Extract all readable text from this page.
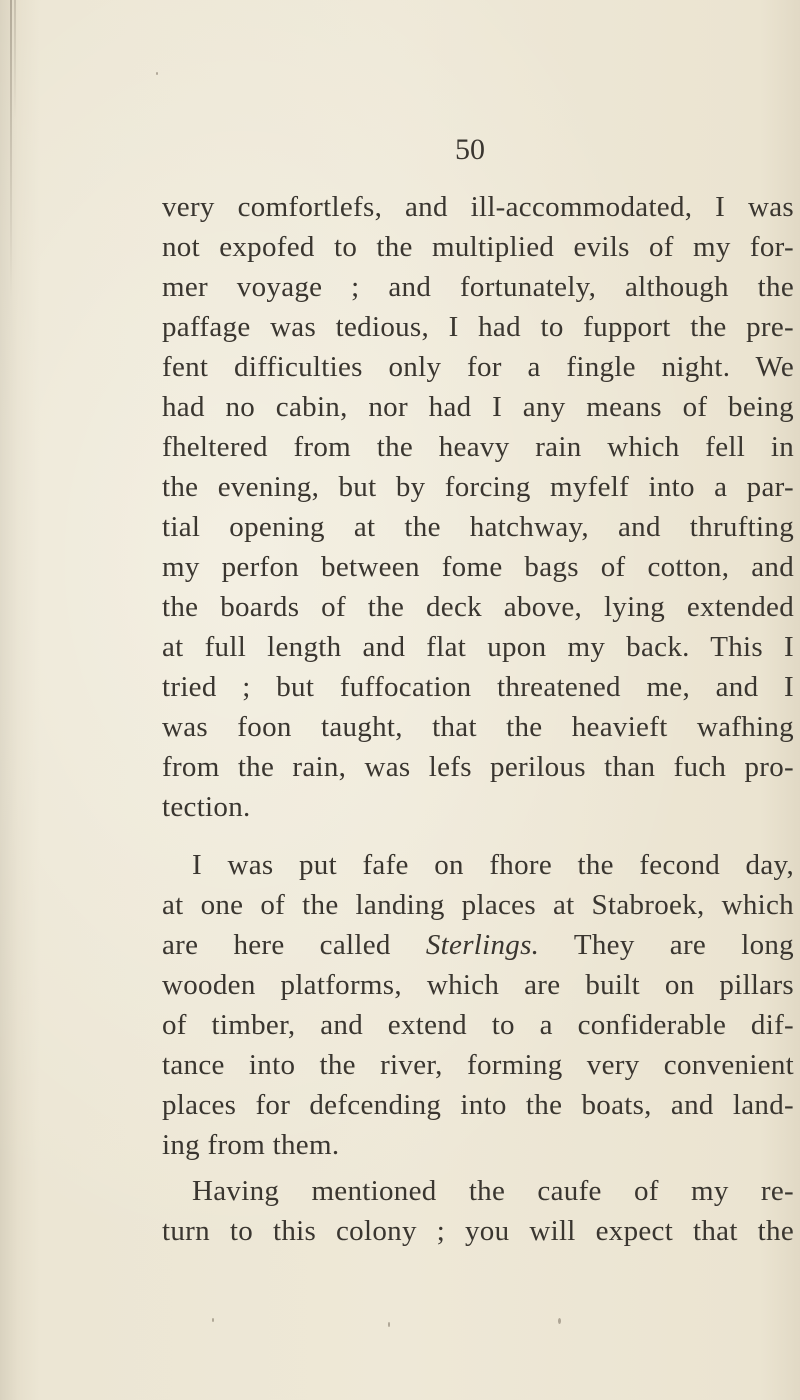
50
very comfortlefs, and ill-accommodated, I was
not expofed to the multiplied evils of my for-
mer voyage ; and fortunately, although the
paffage was tedious, I had to fupport the pre-
fent difficulties only for a fingle night. We
had no cabin, nor had I any means of being
fheltered from the heavy rain which fell in
the evening, but by forcing myfelf into a par-
tial opening at the hatchway, and thrufting
my perfon between fome bags of cotton, and
the boards of the deck above, lying extended
at full length and flat upon my back. This I
tried ; but fuffocation threatened me, and I
was foon taught, that the heavieft wafhing
from the rain, was lefs perilous than fuch pro-
tection.
I was put fafe on fhore the fecond day,
at one of the landing places at Stabroek, which
are here called Sterlings. They are long
wooden platforms, which are built on pillars
of timber, and extend to a confiderable dif-
tance into the river, forming very convenient
places for defcending into the boats, and land-
ing from them.
Having mentioned the caufe of my re-
turn to this colony ; you will expect that the
